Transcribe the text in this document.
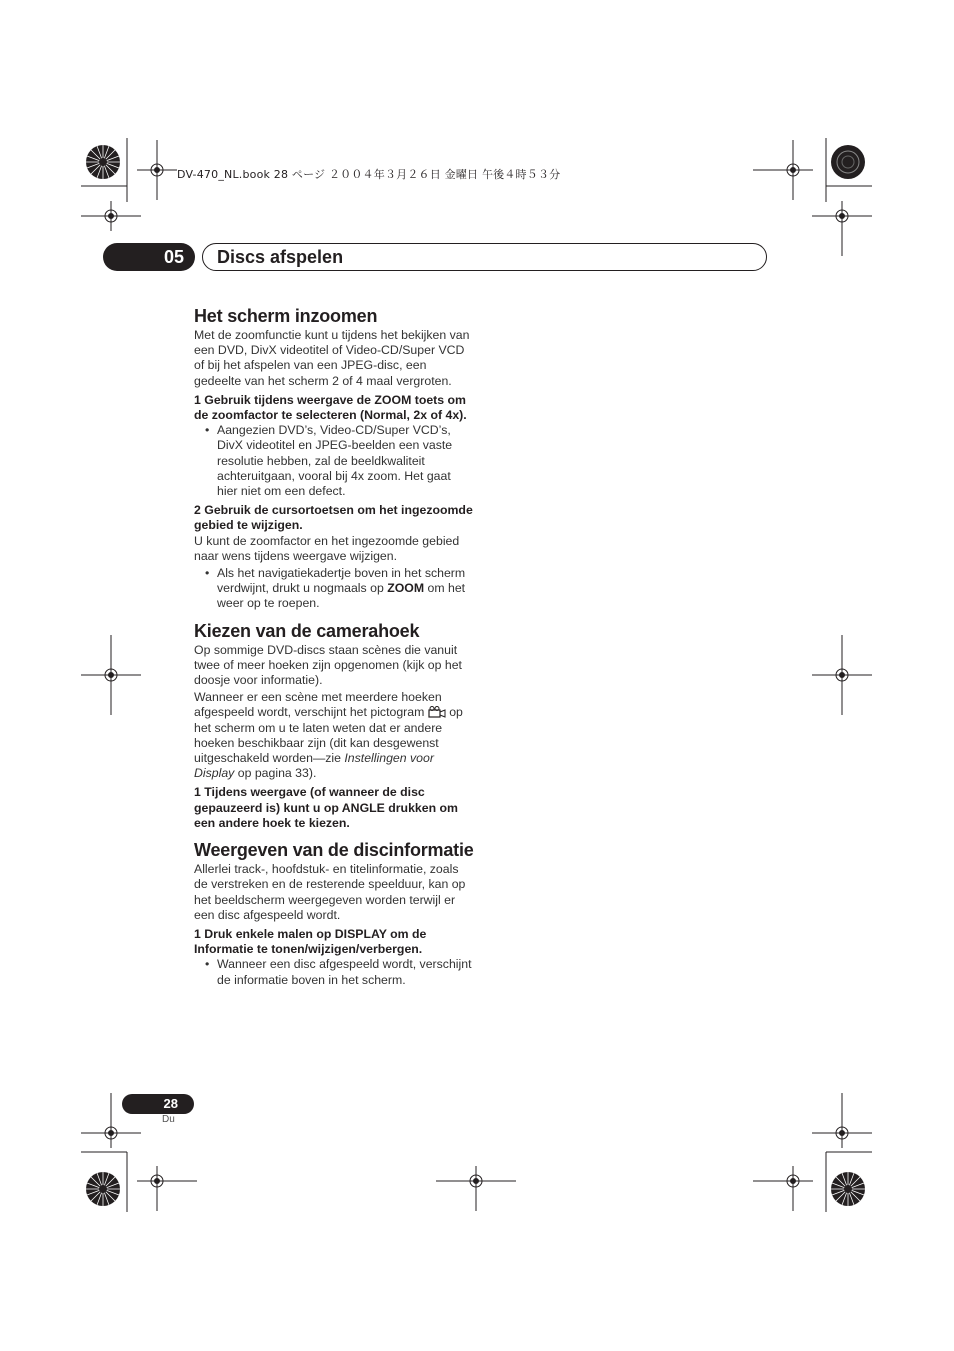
DV-470_NL.book 28 ページ ２００４年３月２６日 金曜日 午後４時５３分
05	Discs afspelen
Het scherm inzoomen

Met de zoomfunctie kunt u tijdens het bekijken van een DVD, DivX videotitel of Video-CD/Super VCD of bij het afspelen van een JPEG-disc, een gedeelte van het scherm 2 of 4 maal vergroten.

1 Gebruik tijdens weergave de ZOOM toets om de zoomfactor te selecteren (Normal, 2x of 4x).

• Aangezien DVD’s, Video-CD/Super VCD’s, DivX videotitel en JPEG-beelden een vaste resolutie hebben, zal de beeldkwaliteit achteruitgaan, vooral bij 4x zoom. Het gaat hier niet om een defect.

2 Gebruik de cursortoetsen om het ingezoomde gebied te wijzigen.

U kunt de zoomfactor en het ingezoomde gebied naar wens tijdens weergave wijzigen.

• Als het navigatiekadertje boven in het scherm verdwijnt, drukt u nogmaals op ZOOM om het weer op te roepen.

Kiezen van de camerahoek

Op sommige DVD-discs staan scènes die vanuit twee of meer hoeken zijn opgenomen (kijk op het doosje voor informatie).

Wanneer er een scène met meerdere hoeken afgespeeld wordt, verschijnt het pictogram  op het scherm om u te laten weten dat er andere hoeken beschikbaar zijn (dit kan desgewenst uitgeschakeld worden—zie Instellingen voor Display op pagina 33).

1 Tijdens weergave (of wanneer de disc gepauzeerd is) kunt u op ANGLE drukken om een andere hoek te kiezen.

Weergeven van de discinformatie

Allerlei track-, hoofdstuk- en titelinformatie, zoals de verstreken en de resterende speelduur, kan op het beeldscherm weergegeven worden terwijl er een disc afgespeeld wordt.

1 Druk enkele malen op DISPLAY om de Informatie te tonen/wijzigen/verbergen.

• Wanneer een disc afgespeeld wordt, verschijnt de informatie boven in het scherm.

28
Du
